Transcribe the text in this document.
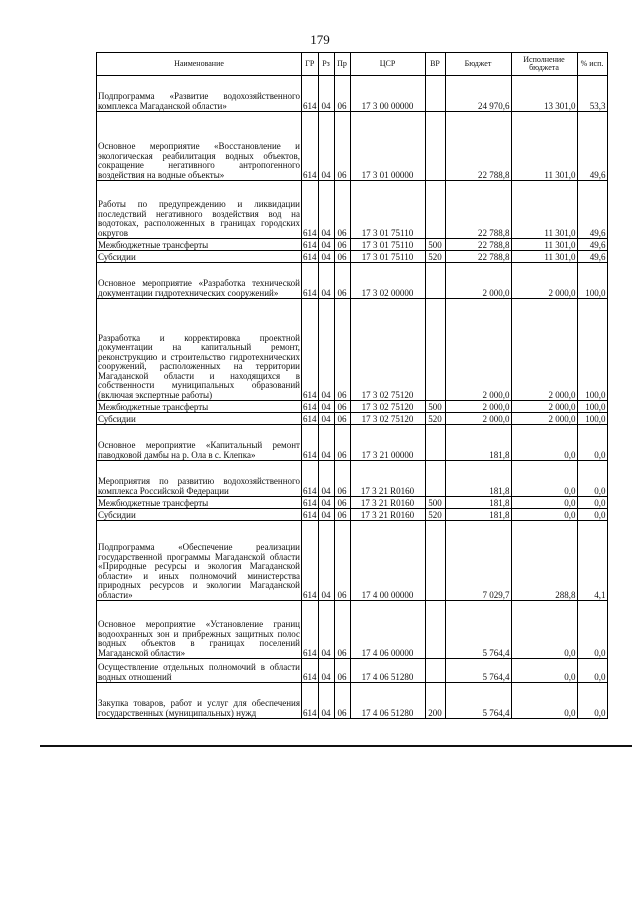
179
Наименование	ГР	Рз	Пр	ЦСР	ВР	Бюджет	Исполнение бюджета	% исп.
Подпрограмма «Развитие водохозяйственного комплекса Магаданской области»	614	04	06	17 3 00 00000		24 970,6	13 301,0	53,3
Основное мероприятие «Восстановление и экологическая реабилитация водных объектов, сокращение негативного антропогенного воздействия на водные объекты»	614	04	06	17 3 01 00000		22 788,8	11 301,0	49,6
Работы по предупреждению и ликвидации последствий негативного воздействия вод на водотоках, расположенных в границах городских округов	614	04	06	17 3 01 75110		22 788,8	11 301,0	49,6
Межбюджетные трансферты	614	04	06	17 3 01 75110	500	22 788,8	11 301,0	49,6
Субсидии	614	04	06	17 3 01 75110	520	22 788,8	11 301,0	49,6
Основное мероприятие «Разработка технической документации гидротехнических сооружений»	614	04	06	17 3 02 00000		2 000,0	2 000,0	100,0
Разработка и корректировка проектной документации на капитальный ремонт, реконструкцию и строительство гидротехнических сооружений, расположенных на территории Магаданской области и находящихся в собственности муниципальных образований (включая экспертные работы)	614	04	06	17 3 02 75120		2 000,0	2 000,0	100,0
Межбюджетные трансферты	614	04	06	17 3 02 75120	500	2 000,0	2 000,0	100,0
Субсидии	614	04	06	17 3 02 75120	520	2 000,0	2 000,0	100,0
Основное мероприятие «Капитальный ремонт паводковой дамбы на р. Ола в с. Клепка»	614	04	06	17 3 21 00000		181,8	0,0	0,0
Мероприятия по развитию водохозяйственного комплекса Российской Федерации	614	04	06	17 3 21 R0160		181,8	0,0	0,0
Межбюджетные трансферты	614	04	06	17 3 21 R0160	500	181,8	0,0	0,0
Субсидии	614	04	06	17 3 21 R0160	520	181,8	0,0	0,0
Подпрограмма «Обеспечение реализации государственной программы Магаданской области «Природные ресурсы и экология Магаданской области» и иных полномочий министерства природных ресурсов и экологии Магаданской области»	614	04	06	17 4 00 00000		7 029,7	288,8	4,1
Основное мероприятие «Установление границ водоохранных зон и прибрежных защитных полос водных объектов в границах поселений Магаданской области»	614	04	06	17 4 06 00000		5 764,4	0,0	0,0
Осуществление отдельных полномочий в области водных отношений	614	04	06	17 4 06 51280		5 764,4	0,0	0,0
Закупка товаров, работ и услуг для обеспечения государственных (муниципальных) нужд	614	04	06	17 4 06 51280	200	5 764,4	0,0	0,0
